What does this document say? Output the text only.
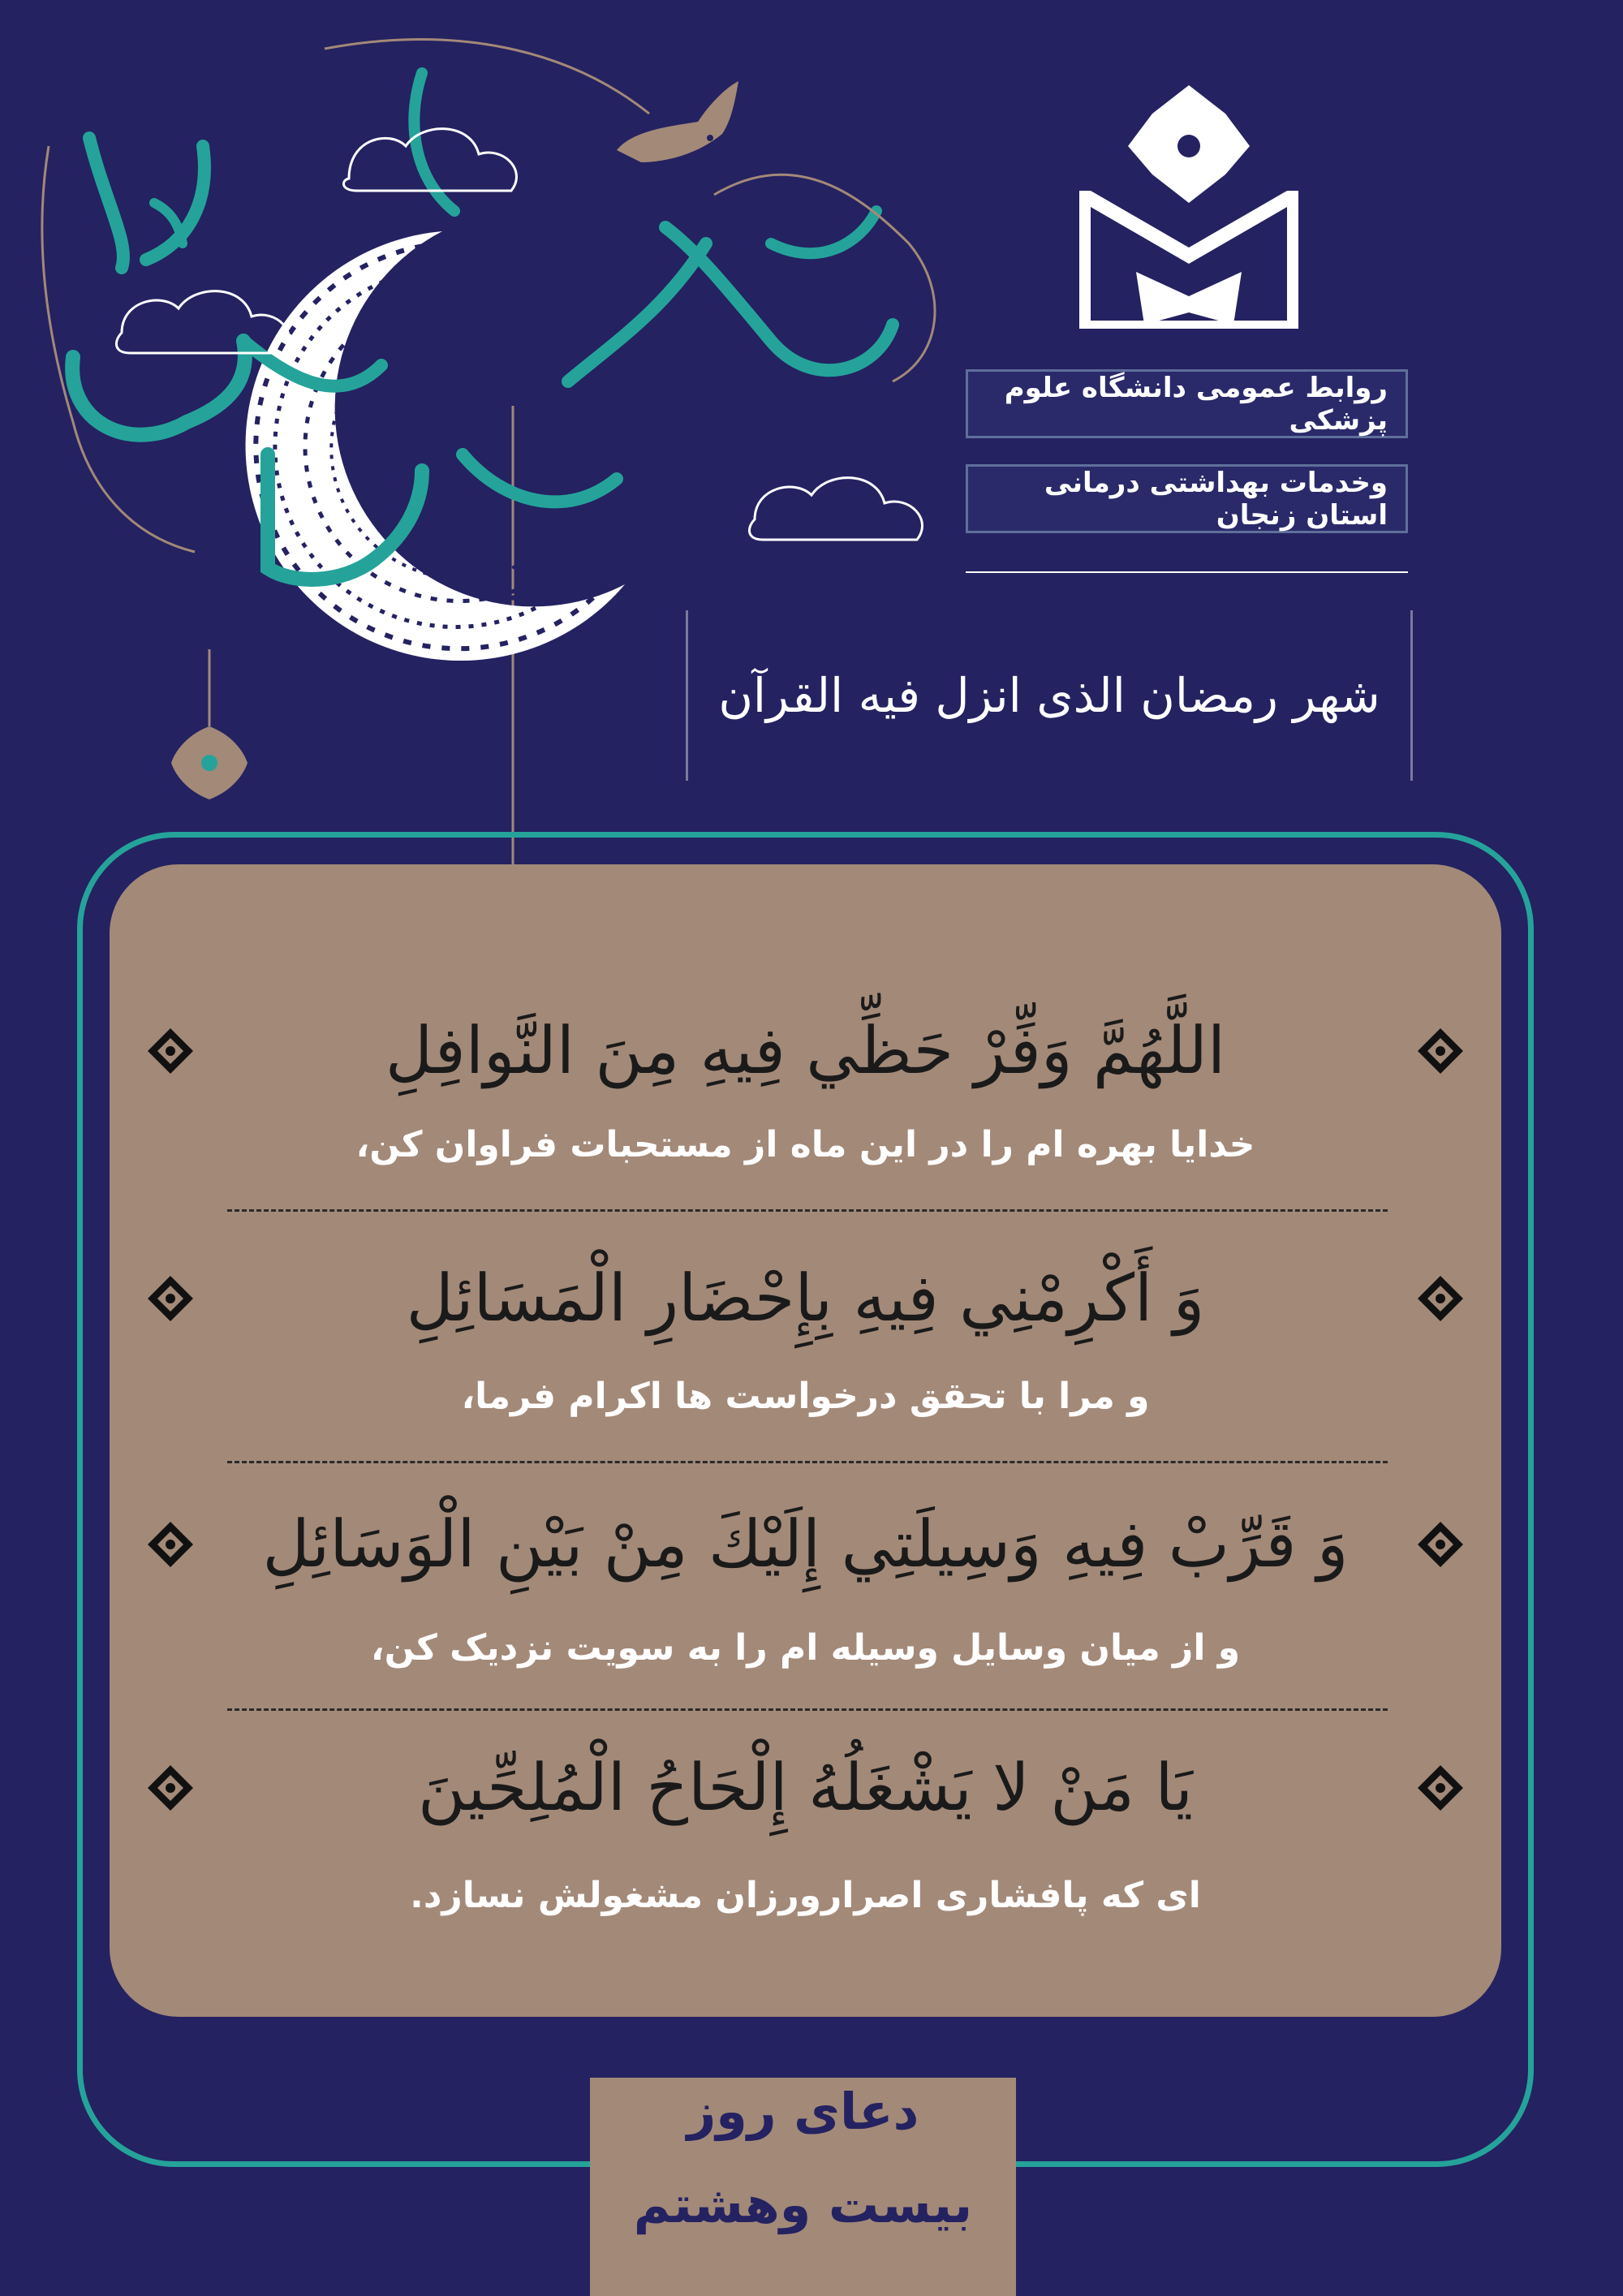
روابط عمومی دانشگاه علوم پزشکی
وخدمات بهداشتی درمانی استان زنجان
شهر رمضان الذی انزل فیه القرآن
اللَّهُمَّ وَفِّرْ حَظِّي فِيهِ مِنَ النَّوافِلِ
خدایا بهره ام را در این ماه از مستحبات فراوان کن،
وَ أَكْرِمْنِي فِيهِ بِإِحْضَارِ الْمَسَائِلِ
و مرا با تحقق درخواست ها اکرام فرما،
وَ قَرِّبْ فِيهِ وَسِيلَتِي إِلَيْكَ مِنْ بَيْنِ الْوَسَائِلِ
و از میان وسایل وسیله ام را به سویت نزدیک کن،
يَا مَنْ لا يَشْغَلُهُ إِلْحَاحُ الْمُلِحِّينَ
ای که پافشاری اصرارورزان مشغولش نسازد.
دعای روز
بیست وهشتم
